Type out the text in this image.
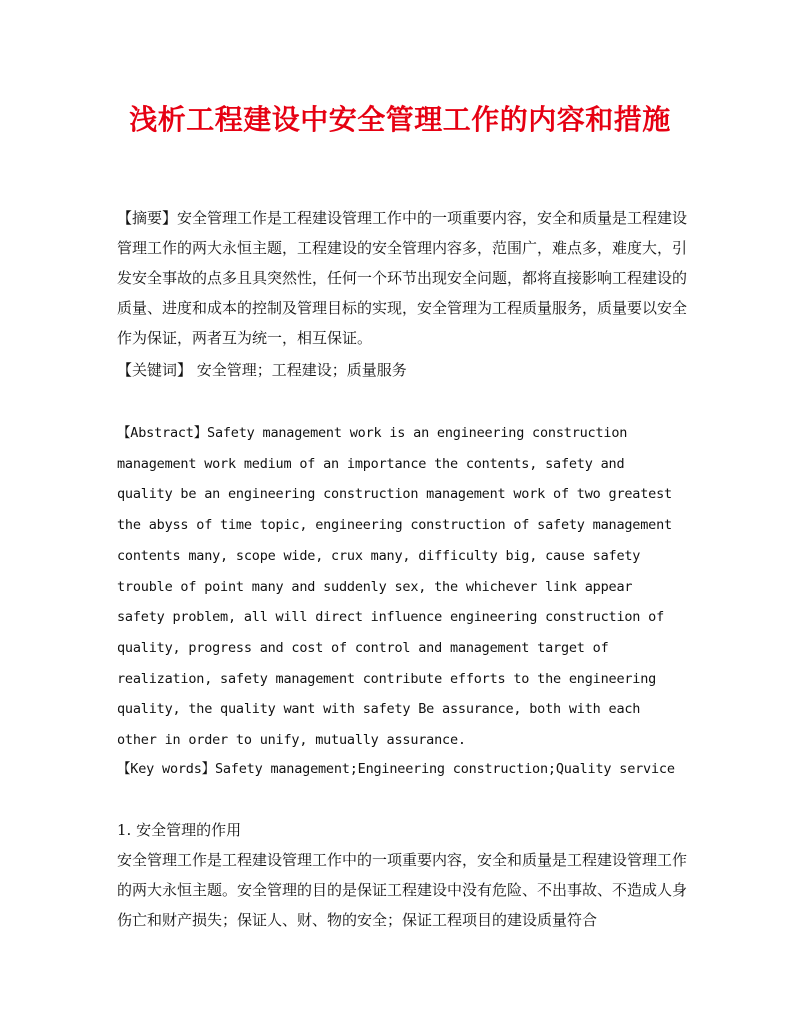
浅析工程建设中安全管理工作的内容和措施

【摘要】安全管理工作是工程建设管理工作中的一项重要内容，安全和质量是工程建设管理工作的两大永恒主题，工程建设的安全管理内容多，范围广，难点多，难度大，引发安全事故的点多且具突然性，任何一个环节出现安全问题，都将直接影响工程建设的质量、进度和成本的控制及管理目标的实现，安全管理为工程质量服务，质量要以安全作为保证，两者互为统一，相互保证。

【关键词】 安全管理；工程建设；质量服务

【Abstract】Safety management work is an engineering construction management work medium of an importance the contents, safety and quality be an engineering construction management work of two greatest the abyss of time topic, engineering construction of safety management contents many, scope wide, crux many, difficulty big, cause safety trouble of point many and suddenly sex, the whichever link appear safety problem, all will direct influence engineering construction of quality, progress and cost of control and management target of realization, safety management contribute efforts to the engineering quality, the quality want with safety Be assurance, both with each other in order to unify, mutually assurance.

【Key words】Safety management;Engineering construction;Quality service

1. 安全管理的作用

安全管理工作是工程建设管理工作中的一项重要内容，安全和质量是工程建设管理工作的两大永恒主题。安全管理的目的是保证工程建设中没有危险、不出事故、不造成人身伤亡和财产损失；保证人、财、物的安全；保证工程项目的建设质量符合
